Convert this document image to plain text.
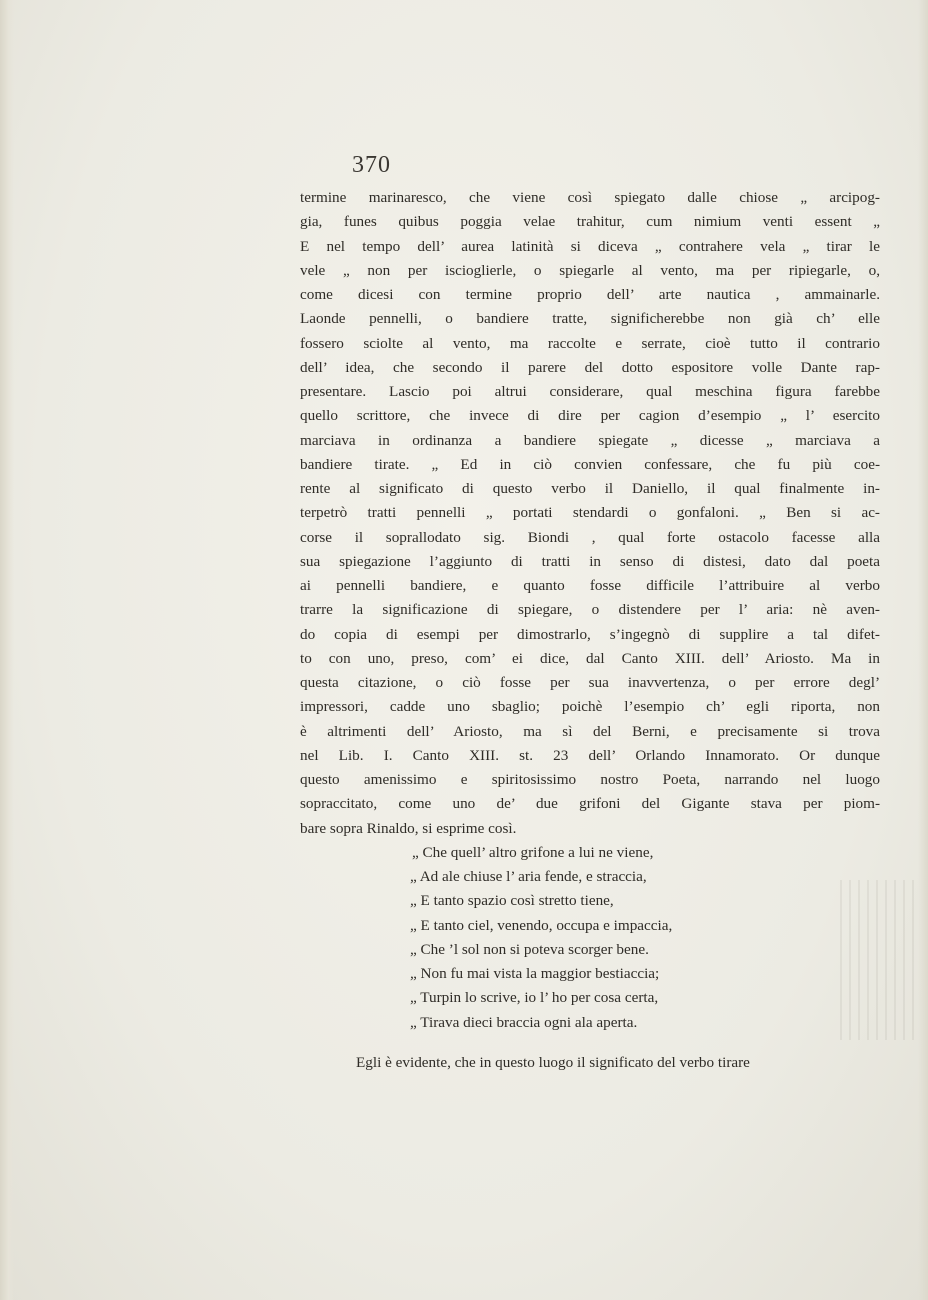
370
termine marinaresco, che viene così spiegato dalle chiose „ arcipog-
gia, funes quibus poggia velae trahitur, cum nimium venti essent „
E nel tempo dell’ aurea latinità si diceva „ contrahere vela „ tirar le
vele „ non per iscioglierle, o spiegarle al vento, ma per ripiegarle, o,
come dicesi con termine proprio dell’ arte nautica , ammainarle.
Laonde pennelli, o bandiere tratte, significherebbe non già ch’ elle
fossero sciolte al vento, ma raccolte e serrate, cioè tutto il contrario
dell’ idea, che secondo il parere del dotto espositore volle Dante rap-
presentare. Lascio poi altrui considerare, qual meschina figura farebbe
quello scrittore, che invece di dire per cagion d’esempio „ l’ esercito
marciava in ordinanza a bandiere spiegate „ dicesse „ marciava a
bandiere tirate. „ Ed in ciò convien confessare, che fu più coe-
rente al significato di questo verbo il Daniello, il qual finalmente in-
terpetrò tratti pennelli „ portati stendardi o gonfaloni. „ Ben si ac-
corse il soprallodato sig. Biondi , qual forte ostacolo facesse alla
sua spiegazione l’aggiunto di tratti in senso di distesi, dato dal poeta
ai pennelli bandiere, e quanto fosse difficile l’attribuire al verbo
trarre la significazione di spiegare, o distendere per l’ aria: nè aven-
do copia di esempi per dimostrarlo, s’ingegnò di supplire a tal difet-
to con uno, preso, com’ ei dice, dal Canto XIII. dell’ Ariosto. Ma in
questa citazione, o ciò fosse per sua inavvertenza, o per errore degl’
impressori, cadde uno sbaglio; poichè l’esempio ch’ egli riporta, non
è altrimenti dell’ Ariosto, ma sì del Berni, e precisamente si trova
nel Lib. I. Canto XIII. st. 23 dell’ Orlando Innamorato. Or dunque
questo amenissimo e spiritosissimo nostro Poeta, narrando nel luogo
sopraccitato, come uno de’ due grifoni del Gigante stava per piom-
bare sopra Rinaldo, si esprime così.
„ Che quell’ altro grifone a lui ne viene,
„ Ad ale chiuse l’ aria fende, e straccia,
„ E tanto spazio così stretto tiene,
„ E tanto ciel, venendo, occupa e impaccia,
„ Che ’l sol non si poteva scorger bene.
„ Non fu mai vista la maggior bestiaccia;
„ Turpin lo scrive, io l’ ho per cosa certa,
„ Tirava dieci braccia ogni ala aperta.
Egli è evidente, che in questo luogo il significato del verbo tirare
